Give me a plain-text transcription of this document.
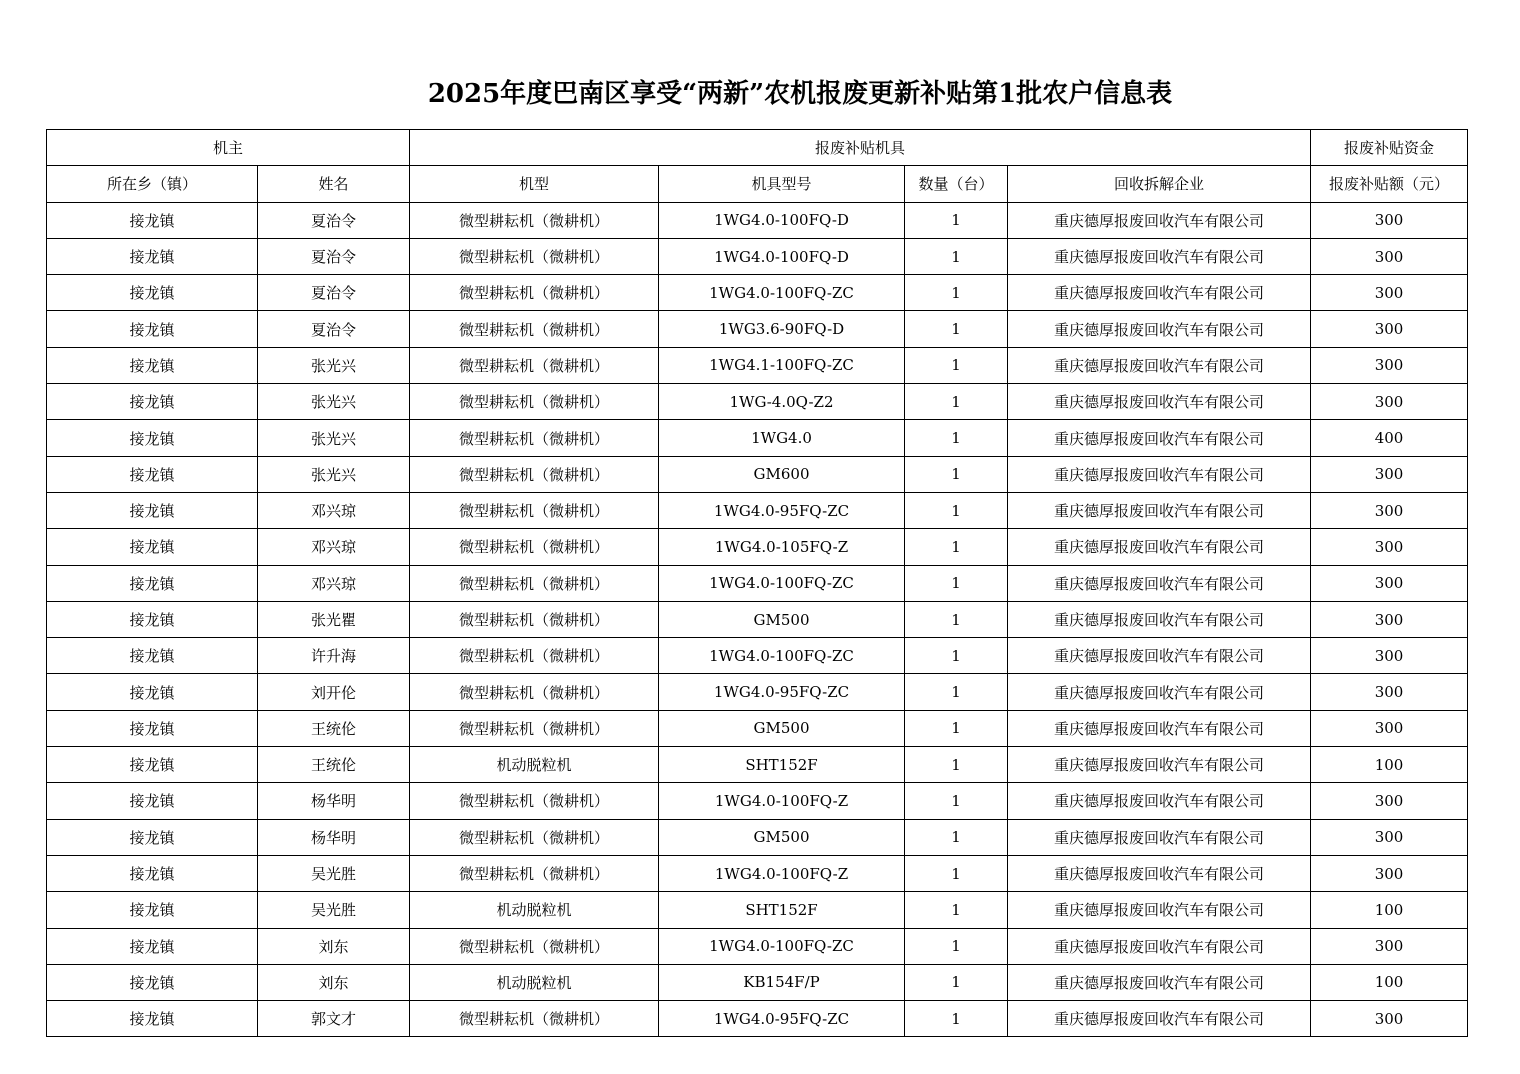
2025年度巴南区享受“两新”农机报废更新补贴第1批农户信息表
机主		报废补贴机具				报废补贴资金
所在乡（镇）	姓名	机型	机具型号	数量（台）	回收拆解企业	报废补贴额（元）
接龙镇	夏治令	微型耕耘机（微耕机）	1WG4.0-100FQ-D	1	重庆德厚报废回收汽车有限公司	300
接龙镇	夏治令	微型耕耘机（微耕机）	1WG4.0-100FQ-D	1	重庆德厚报废回收汽车有限公司	300
接龙镇	夏治令	微型耕耘机（微耕机）	1WG4.0-100FQ-ZC	1	重庆德厚报废回收汽车有限公司	300
接龙镇	夏治令	微型耕耘机（微耕机）	1WG3.6-90FQ-D	1	重庆德厚报废回收汽车有限公司	300
接龙镇	张光兴	微型耕耘机（微耕机）	1WG4.1-100FQ-ZC	1	重庆德厚报废回收汽车有限公司	300
接龙镇	张光兴	微型耕耘机（微耕机）	1WG-4.0Q-Z2	1	重庆德厚报废回收汽车有限公司	300
接龙镇	张光兴	微型耕耘机（微耕机）	1WG4.0	1	重庆德厚报废回收汽车有限公司	400
接龙镇	张光兴	微型耕耘机（微耕机）	GM600	1	重庆德厚报废回收汽车有限公司	300
接龙镇	邓兴琼	微型耕耘机（微耕机）	1WG4.0-95FQ-ZC	1	重庆德厚报废回收汽车有限公司	300
接龙镇	邓兴琼	微型耕耘机（微耕机）	1WG4.0-105FQ-Z	1	重庆德厚报废回收汽车有限公司	300
接龙镇	邓兴琼	微型耕耘机（微耕机）	1WG4.0-100FQ-ZC	1	重庆德厚报废回收汽车有限公司	300
接龙镇	张光瞿	微型耕耘机（微耕机）	GM500	1	重庆德厚报废回收汽车有限公司	300
接龙镇	许升海	微型耕耘机（微耕机）	1WG4.0-100FQ-ZC	1	重庆德厚报废回收汽车有限公司	300
接龙镇	刘开伦	微型耕耘机（微耕机）	1WG4.0-95FQ-ZC	1	重庆德厚报废回收汽车有限公司	300
接龙镇	王统伦	微型耕耘机（微耕机）	GM500	1	重庆德厚报废回收汽车有限公司	300
接龙镇	王统伦	机动脱粒机	SHT152F	1	重庆德厚报废回收汽车有限公司	100
接龙镇	杨华明	微型耕耘机（微耕机）	1WG4.0-100FQ-Z	1	重庆德厚报废回收汽车有限公司	300
接龙镇	杨华明	微型耕耘机（微耕机）	GM500	1	重庆德厚报废回收汽车有限公司	300
接龙镇	吴光胜	微型耕耘机（微耕机）	1WG4.0-100FQ-Z	1	重庆德厚报废回收汽车有限公司	300
接龙镇	吴光胜	机动脱粒机	SHT152F	1	重庆德厚报废回收汽车有限公司	100
接龙镇	刘东	微型耕耘机（微耕机）	1WG4.0-100FQ-ZC	1	重庆德厚报废回收汽车有限公司	300
接龙镇	刘东	机动脱粒机	KB154F/P	1	重庆德厚报废回收汽车有限公司	100
接龙镇	郭文才	微型耕耘机（微耕机）	1WG4.0-95FQ-ZC	1	重庆德厚报废回收汽车有限公司	300
